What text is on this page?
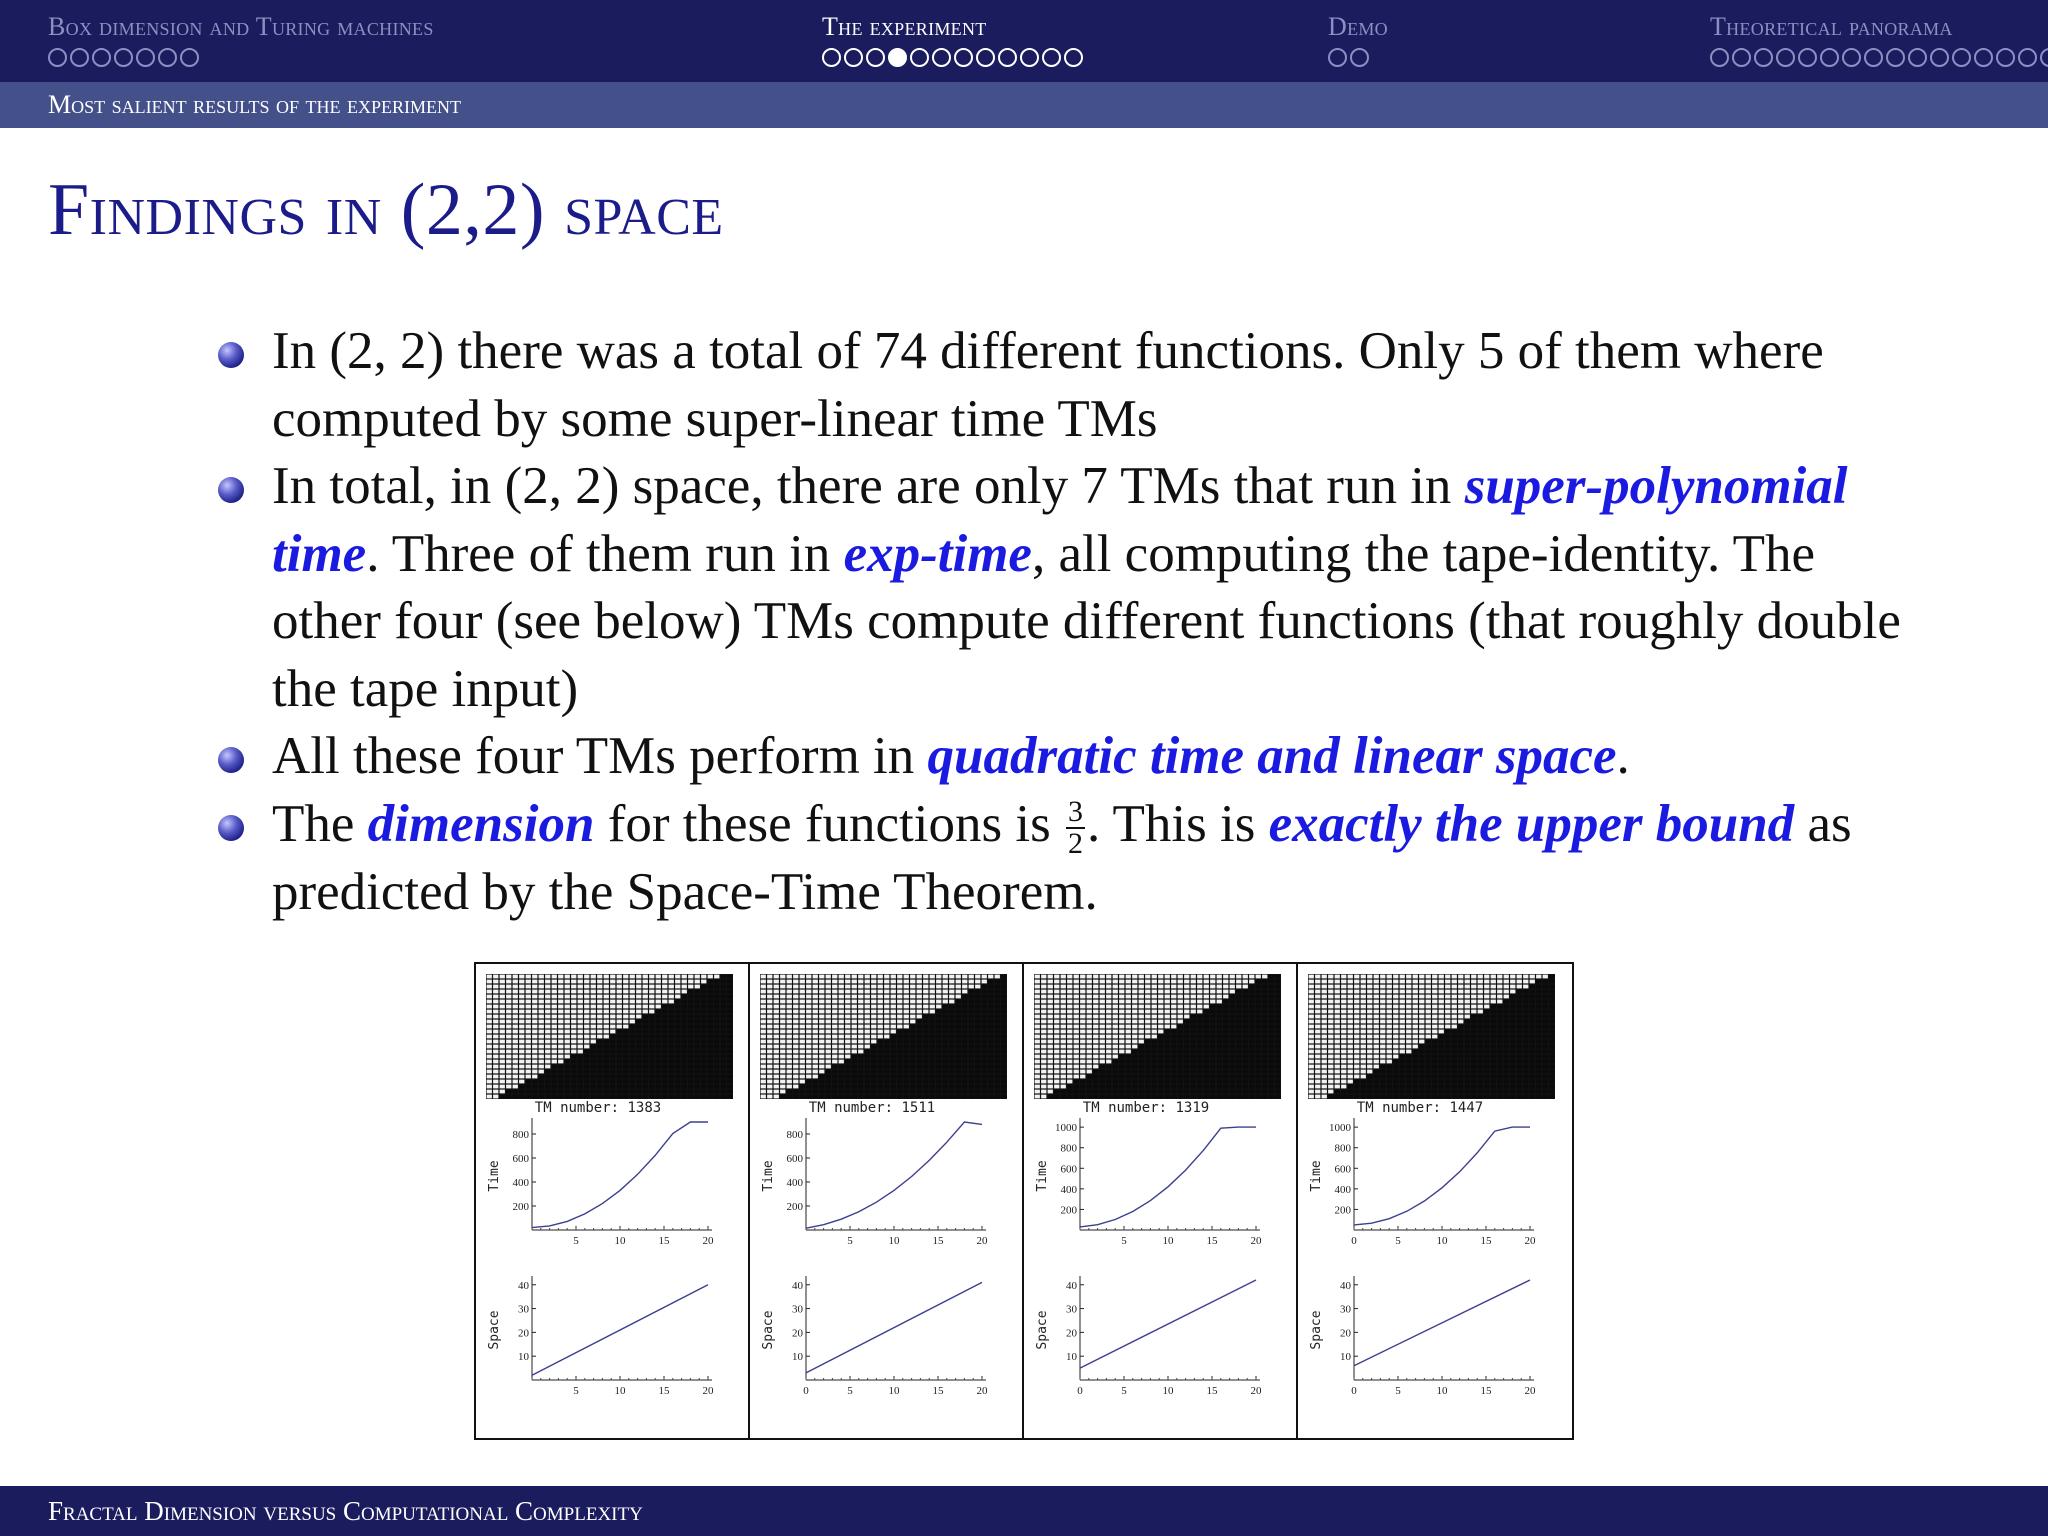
Box dimension and Turing machines	The experiment	Demo	Theoretical panorama
Most salient results of the experiment
Findings in (2,2) space
In (2, 2) there was a total of 74 different functions. Only 5 of them where computed by some super-linear time TMs
In total, in (2, 2) space, there are only 7 TMs that run in super-polynomial time. Three of them run in exp-time, all computing the tape-identity. The other four (see below) TMs compute different functions (that roughly double the tape input)
All these four TMs perform in quadratic time and linear space.
The dimension for these functions is $\frac{3}{2}$ . This is exactly the upper bound as predicted by the Space-Time Theorem.
TM number: 1383
5	10	15	20
200
400
600
800
Time
5	10	15	20
10
20
30
40
Space
TM number: 1511
5	10	15	20
200
400
600
800
Time
0	5	10	15	20
10
20
30
40
Space
TM number: 1319
5	10	15	20
200
400
600
800
1000
Time
0	5	10	15	20
10
20
30
40
Space
TM number: 1447
0	5	10	15	20
200
400
600
800
1000
Time
0	5	10	15	20
10
20
30
40
Space
Fractal Dimension versus Computational Complexity
